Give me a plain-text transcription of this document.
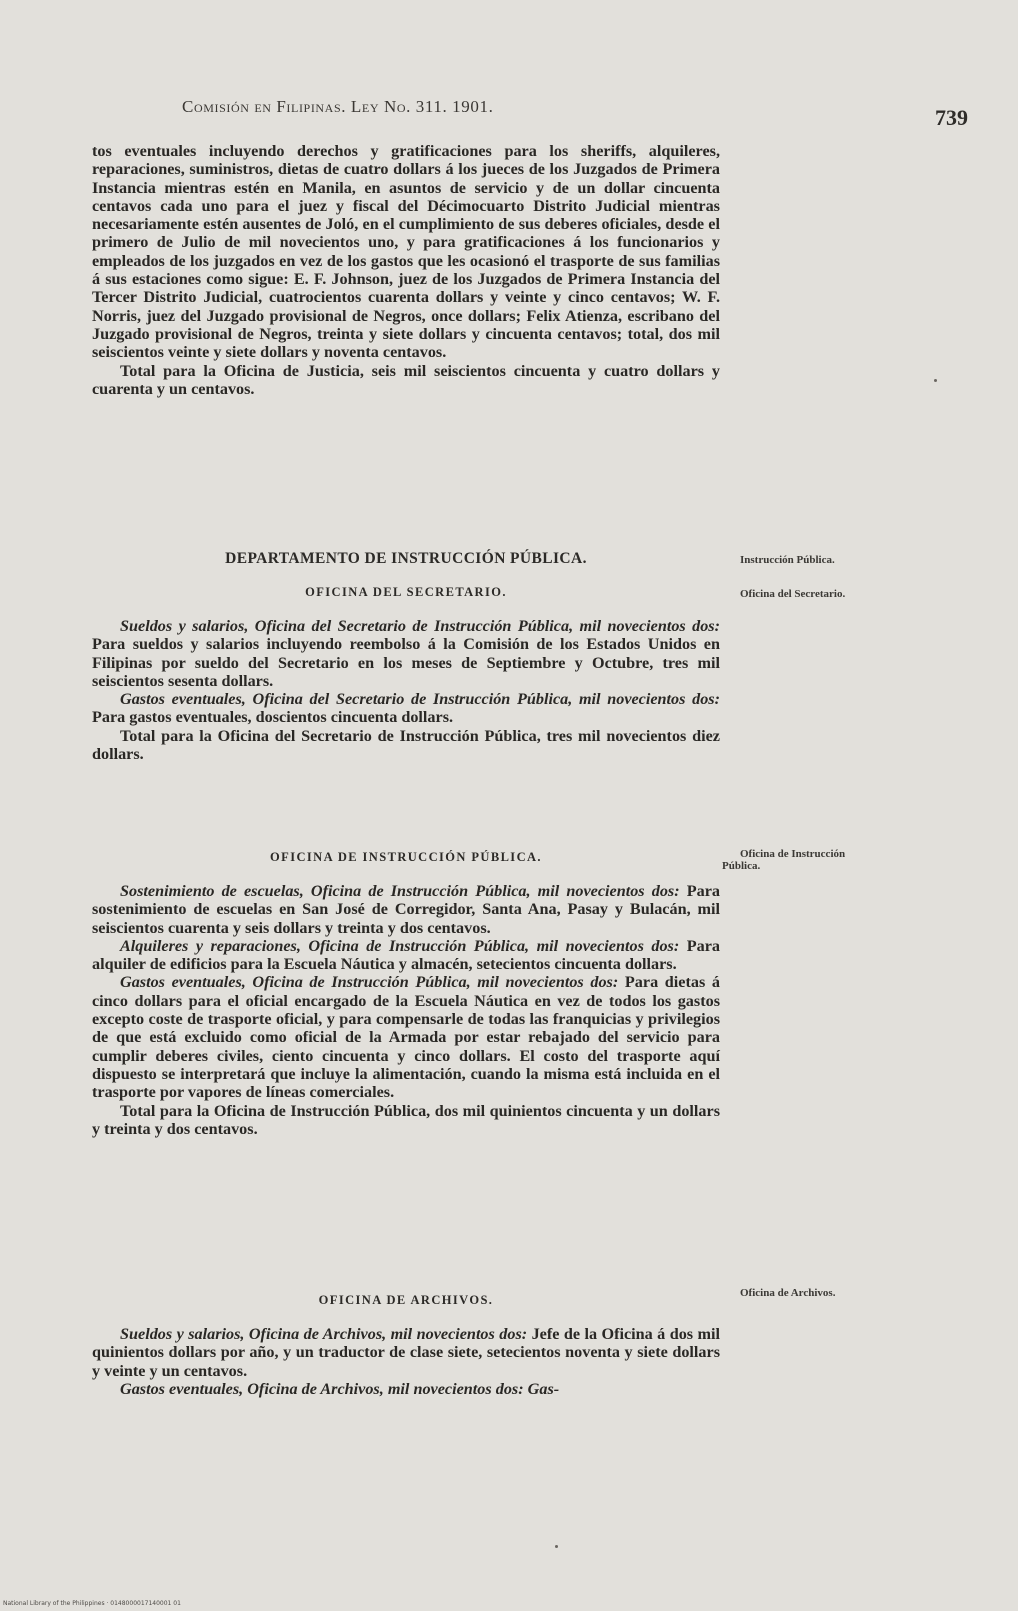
Comisión en Filipinas. Ley No. 311. 1901.	739

tos eventuales incluyendo derechos y gratificaciones para los sheriffs, alquileres, reparaciones, suministros, dietas de cuatro dollars á los jueces de los Juzgados de Primera Instancia mientras estén en Manila, en asuntos de servicio y de un dollar cincuenta centavos cada uno para el juez y fiscal del Décimocuarto Distrito Judicial mientras necesariamente estén ausentes de Joló, en el cumplimiento de sus deberes oficiales, desde el primero de Julio de mil novecientos uno, y para gratificaciones á los funcionarios y empleados de los juzgados en vez de los gastos que les ocasionó el trasporte de sus familias á sus estaciones como sigue: E. F. Johnson, juez de los Juzgados de Primera Instancia del Tercer Distrito Judicial, cuatrocientos cuarenta dollars y veinte y cinco centavos; W. F. Norris, juez del Juzgado provisional de Negros, once dollars; Felix Atienza, escribano del Juzgado provisional de Negros, treinta y siete dollars y cincuenta centavos; total, dos mil seiscientos veinte y siete dollars y noventa centavos.

Total para la Oficina de Justicia, seis mil seiscientos cincuenta y cuatro dollars y cuarenta y un centavos.

DEPARTAMENTO DE INSTRUCCIÓN PÚBLICA.	Instrucción Pública.
OFICINA DEL SECRETARIO.	Oficina del Secretario.

Sueldos y salarios, Oficina del Secretario de Instrucción Pública, mil novecientos dos: Para sueldos y salarios incluyendo reembolso á la Comisión de los Estados Unidos en Filipinas por sueldo del Secretario en los meses de Septiembre y Octubre, tres mil seiscientos sesenta dollars.

Gastos eventuales, Oficina del Secretario de Instrucción Pública, mil novecientos dos: Para gastos eventuales, doscientos cincuenta dollars.

Total para la Oficina del Secretario de Instrucción Pública, tres mil novecientos diez dollars.

OFICINA DE INSTRUCCIÓN PÚBLICA.	Oficina de Instrucción Pública.

Sostenimiento de escuelas, Oficina de Instrucción Pública, mil novecientos dos: Para sostenimiento de escuelas en San José de Corregidor, Santa Ana, Pasay y Bulacán, mil seiscientos cuarenta y seis dollars y treinta y dos centavos.

Alquileres y reparaciones, Oficina de Instrucción Pública, mil novecientos dos: Para alquiler de edificios para la Escuela Náutica y almacén, setecientos cincuenta dollars.

Gastos eventuales, Oficina de Instrucción Pública, mil novecientos dos: Para dietas á cinco dollars para el oficial encargado de la Escuela Náutica en vez de todos los gastos excepto coste de trasporte oficial, y para compensarle de todas las franquicias y privilegios de que está excluido como oficial de la Armada por estar rebajado del servicio para cumplir deberes civiles, ciento cincuenta y cinco dollars. El costo del trasporte aquí dispuesto se interpretará que incluye la alimentación, cuando la misma está incluida en el trasporte por vapores de líneas comerciales.

Total para la Oficina de Instrucción Pública, dos mil quinientos cincuenta y un dollars y treinta y dos centavos.

OFICINA DE ARCHIVOS.	Oficina de Archivos.

Sueldos y salarios, Oficina de Archivos, mil novecientos dos: Jefe de la Oficina á dos mil quinientos dollars por año, y un traductor de clase siete, setecientos noventa y siete dollars y veinte y un centavos.

Gastos eventuales, Oficina de Archivos, mil novecientos dos: Gas-

National Library of the Philippines · 0148000017140001 01
